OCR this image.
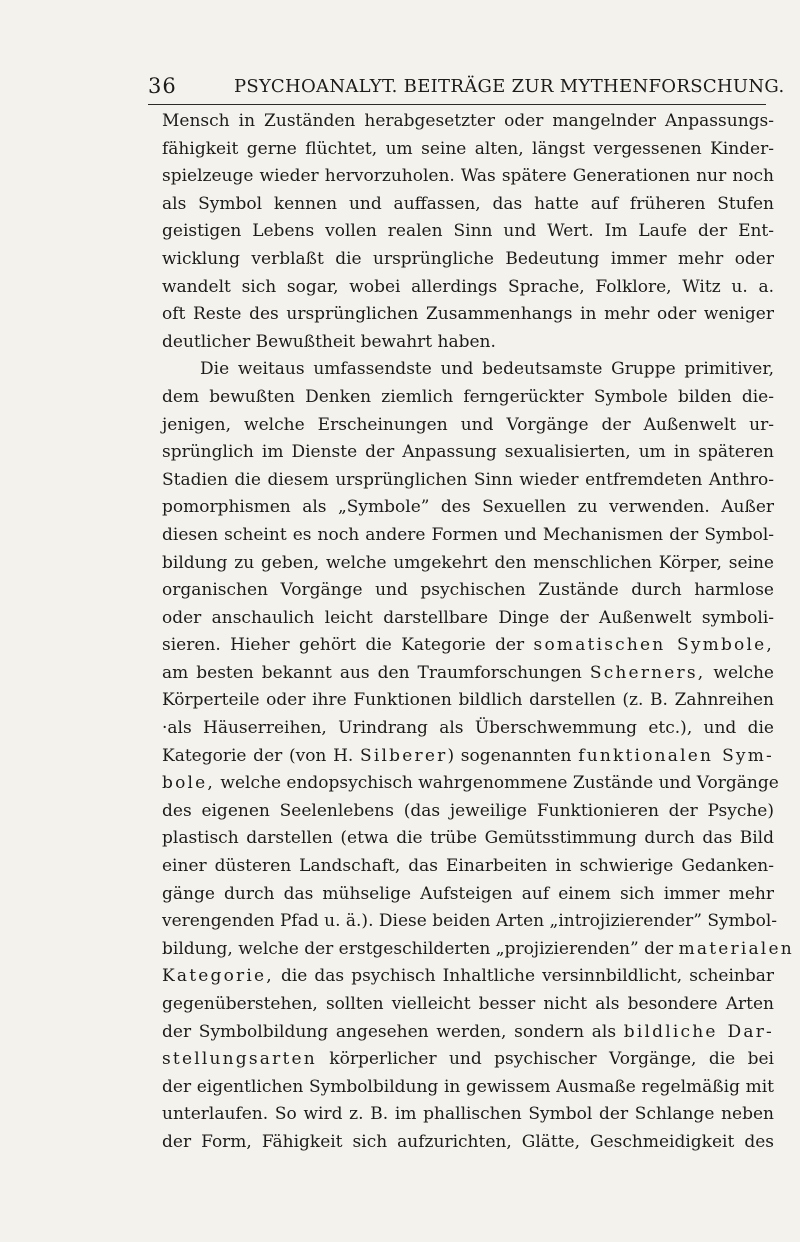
36	PSYCHOANALYT. BEITRÄGE ZUR MYTHENFORSCHUNG.
Mensch in Zuständen herabgesetzter oder mangelnder Anpassungs-
fähigkeit gerne flüchtet, um seine alten, längst vergessenen Kinder-
spielzeuge wieder hervorzuholen. Was spätere Generationen nur noch
als Symbol kennen und auffassen, das hatte auf früheren Stufen
geistigen Lebens vollen realen Sinn und Wert. Im Laufe der Ent-
wicklung verblaßt die ursprüngliche Bedeutung immer mehr oder
wandelt sich sogar, wobei allerdings Sprache, Folklore, Witz u. a.
oft Reste des ursprünglichen Zusammenhangs in mehr oder weniger
deutlicher Bewußtheit bewahrt haben.
Die weitaus umfassendste und bedeutsamste Gruppe primitiver,
dem bewußten Denken ziemlich ferngerückter Symbole bilden die-
jenigen, welche Erscheinungen und Vorgänge der Außenwelt ur-
sprünglich im Dienste der Anpassung sexualisierten, um in späteren
Stadien die diesem ursprünglichen Sinn wieder entfremdeten Anthro-
pomorphismen als „Symbole” des Sexuellen zu verwenden. Außer
diesen scheint es noch andere Formen und Mechanismen der Symbol-
bildung zu geben, welche umgekehrt den menschlichen Körper, seine
organischen Vorgänge und psychischen Zustände durch harmlose
oder anschaulich leicht darstellbare Dinge der Außenwelt symboli-
sieren. Hieher gehört die Kategorie der somatischen Symbole,
am besten bekannt aus den Traumforschungen Scherners, welche
Körperteile oder ihre Funktionen bildlich darstellen (z. B. Zahnreihen
·als Häuserreihen, Urindrang als Überschwemmung etc.), und die
Kategorie der (von H. Silberer) sogenannten funktionalen Sym-
bole, welche endopsychisch wahrgenommene Zustände und Vorgänge
des eigenen Seelenlebens (das jeweilige Funktionieren der Psyche)
plastisch darstellen (etwa die trübe Gemütsstimmung durch das Bild
einer düsteren Landschaft, das Einarbeiten in schwierige Gedanken-
gänge durch das mühselige Aufsteigen auf einem sich immer mehr
verengenden Pfad u. ä.). Diese beiden Arten „introjizierender” Symbol-
bildung, welche der erstgeschilderten „projizierenden” der materialen
Kategorie, die das psychisch Inhaltliche versinnbildlicht, scheinbar
gegenüberstehen, sollten vielleicht besser nicht als besondere Arten
der Symbolbildung angesehen werden, sondern als bildliche Dar-
stellungsarten körperlicher und psychischer Vorgänge, die bei
der eigentlichen Symbolbildung in gewissem Ausmaße regelmäßig mit
unterlaufen. So wird z. B. im phallischen Symbol der Schlange neben
der Form, Fähigkeit sich aufzurichten, Glätte, Geschmeidigkeit des
